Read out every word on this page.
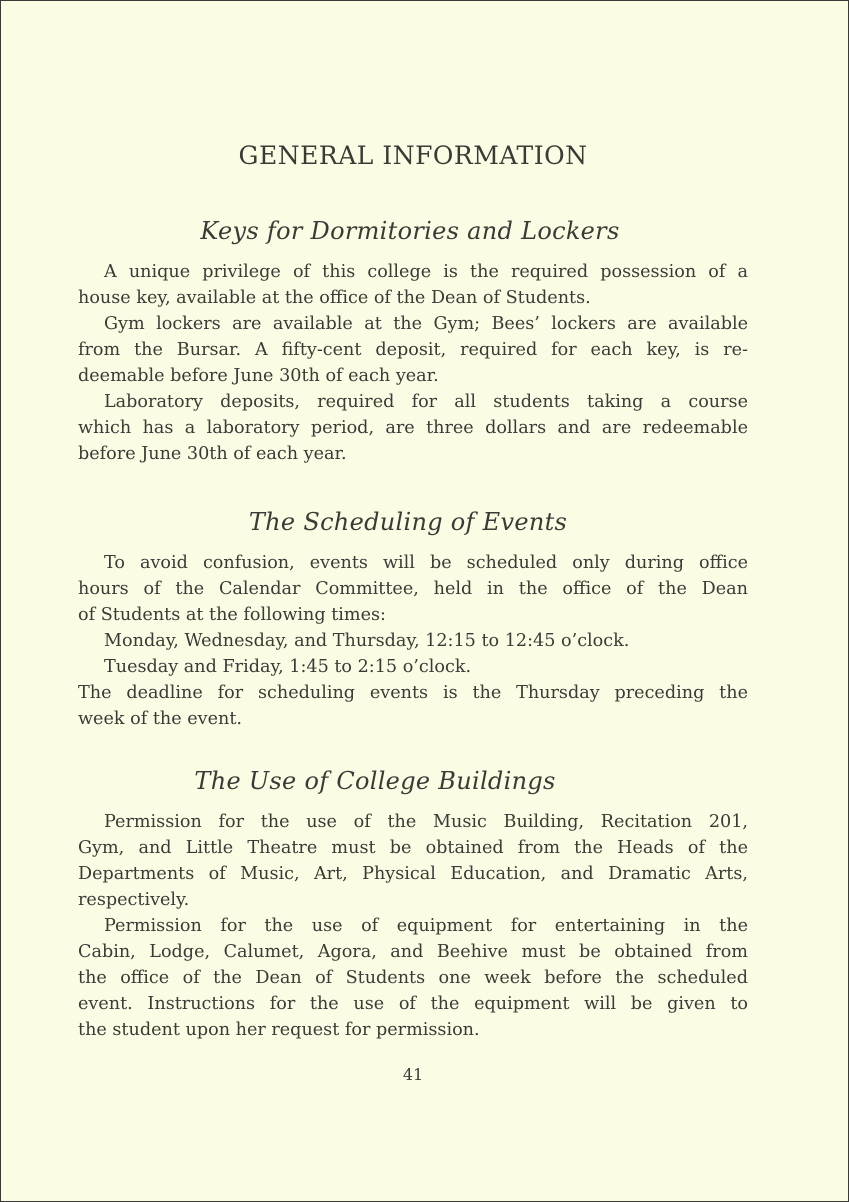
GENERAL INFORMATION
Keys for Dormitories and Lockers

A unique privilege of this college is the required possession of a
house key, available at the office of the Dean of Students.

Gym lockers are available at the Gym; Bees’ lockers are available
from the Bursar. A fifty-cent deposit, required for each key, is re-
deemable before June 30th of each year.

Laboratory deposits, required for all students taking a course
which has a laboratory period, are three dollars and are redeemable
before June 30th of each year.

The Scheduling of Events

To avoid confusion, events will be scheduled only during office
hours of the Calendar Committee, held in the office of the Dean
of Students at the following times:

Monday, Wednesday, and Thursday, 12:15 to 12:45 o’clock.

Tuesday and Friday, 1:45 to 2:15 o’clock.

The deadline for scheduling events is the Thursday preceding the
week of the event.

The Use of College Buildings

Permission for the use of the Music Building, Recitation 201,
Gym, and Little Theatre must be obtained from the Heads of the
Departments of Music, Art, Physical Education, and Dramatic Arts,
respectively.

Permission for the use of equipment for entertaining in the
Cabin, Lodge, Calumet, Agora, and Beehive must be obtained from
the office of the Dean of Students one week before the scheduled
event. Instructions for the use of the equipment will be given to
the student upon her request for permission.

41
